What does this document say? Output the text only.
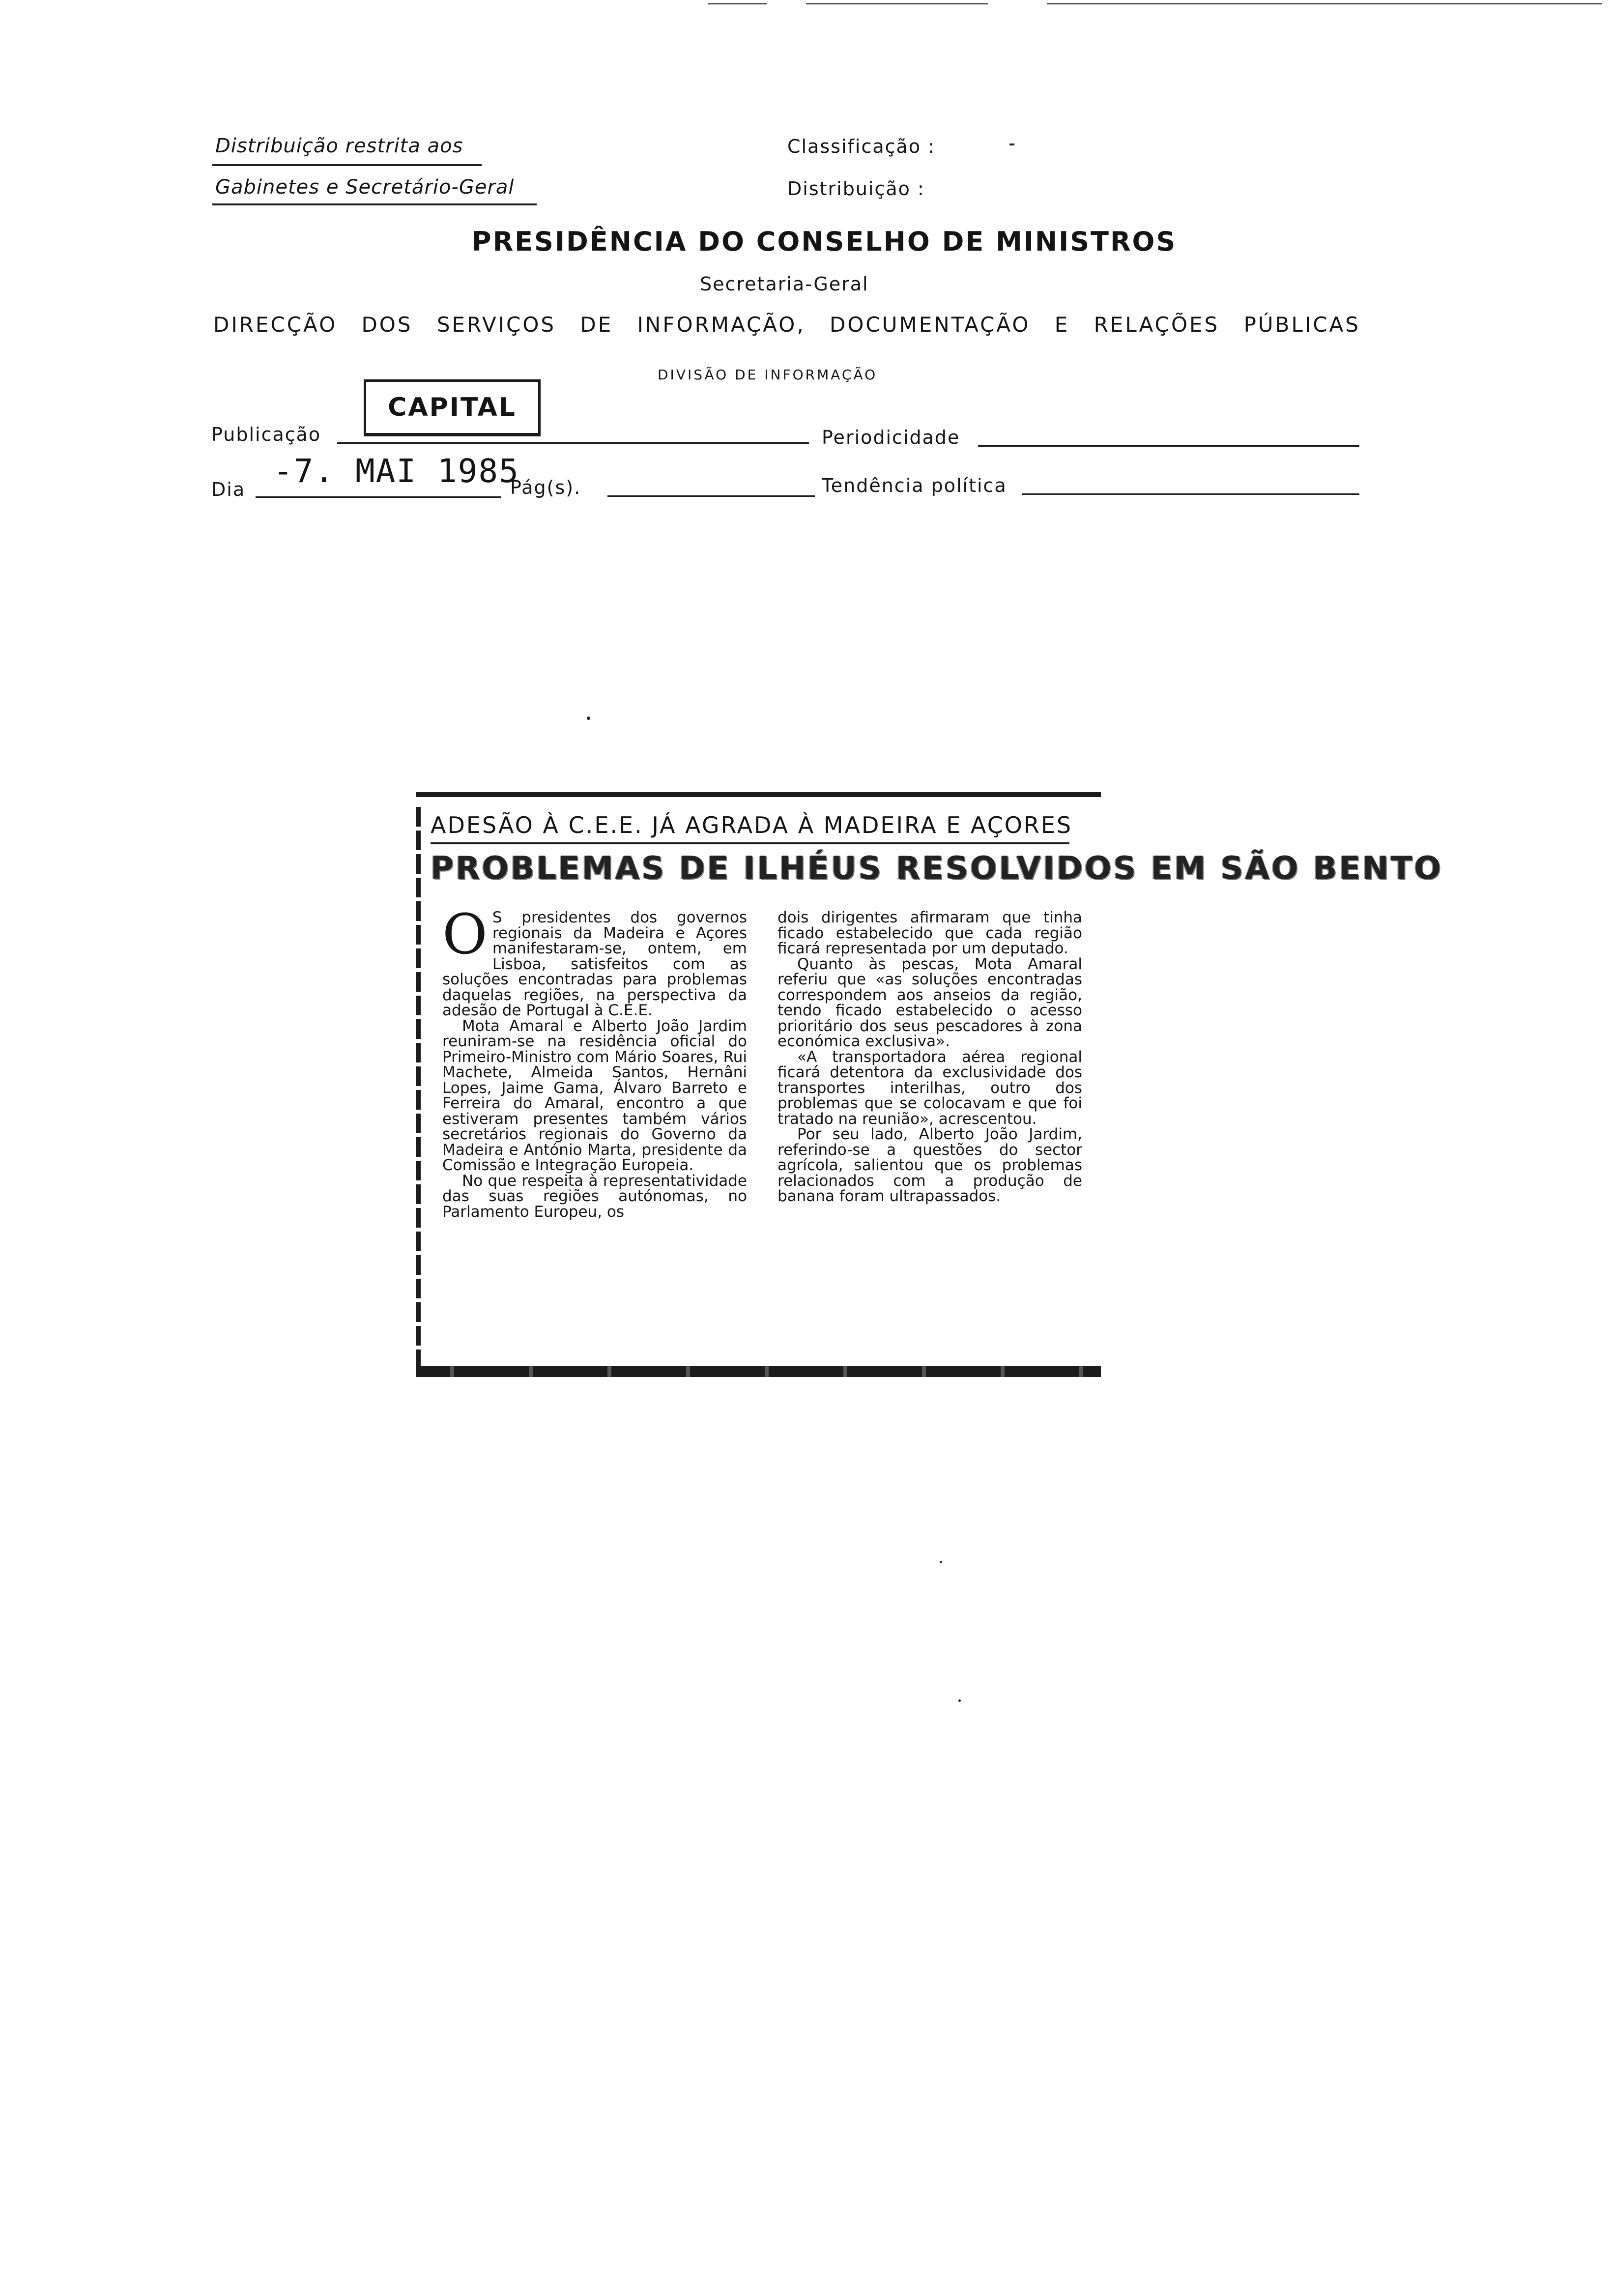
Distribuição restrita aos
Gabinetes e Secretário-Geral
Classificação :
Distribuição :
PRESIDÊNCIA DO CONSELHO DE MINISTROS
Secretaria-Geral
DIRECÇÃO DOS SERVIÇOS DE INFORMAÇÃO, DOCUMENTAÇÃO E RELAÇÕES PÚBLICAS
DIVISÃO DE INFORMAÇÃO
CAPITAL
Publicação	Periodicidade
Dia -7. MAI 1985
Pág(s).	Tendência política
ADESÃO À C.E.E. JÁ AGRADA À MADEIRA E AÇORES
PROBLEMAS DE ILHÉUS RESOLVIDOS EM SÃO BENTO

O S presidentes dos governos regionais da Madeira e Açores manifestaram-se, ontem, em Lisboa, satisfeitos com as soluções encontradas para problemas daquelas regiões, na perspectiva da adesão de Portugal à C.E.E.

Mota Amaral e Alberto João Jardim reuniram-se na residência oficial do Primeiro-Ministro com Mário Soares, Rui Machete, Almeida Santos, Hernâni Lopes, Jaime Gama, Álvaro Barreto e Ferreira do Amaral, encontro a que estiveram presentes também vários secretários regionais do Governo da Madeira e António Marta, presidente da Comissão e Integração Europeia.

No que respeita à representatividade das suas regiões autónomas, no Parlamento Europeu, os

dois dirigentes afirmaram que tinha ficado estabelecido que cada região ficará representada por um deputado.

Quanto às pescas, Mota Amaral referiu que «as soluções encontradas correspondem aos anseios da região, tendo ficado estabelecido o acesso prioritário dos seus pescadores à zona económica exclusiva».

«A transportadora aérea regional ficará detentora da exclusividade dos transportes interilhas, outro dos problemas que se colocavam e que foi tratado na reunião», acrescentou.

Por seu lado, Alberto João Jardim, referindo-se a questões do sector agrícola, salientou que os problemas relacionados com a produção de banana foram ultrapassados.
